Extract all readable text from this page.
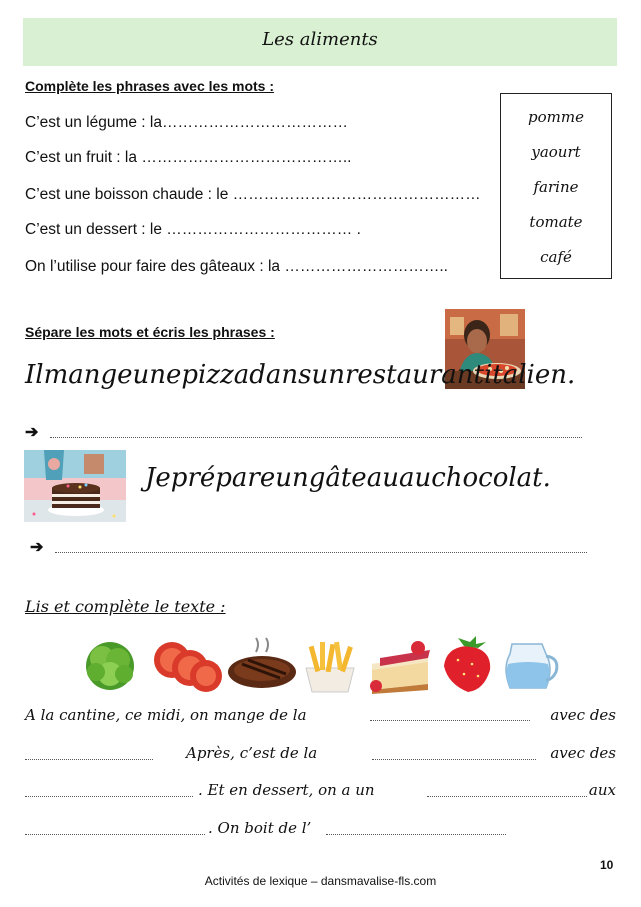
Les aliments
Complète les phrases avec les mots :
C’est un légume : la………………………………
C’est un fruit : la …………………………………..
C’est une boisson chaude : le …………………………………………
C’est un dessert : le ……………………………… .
On l’utilise pour faire des gâteaux : la …………………………..
pomme
yaourt
farine
tomate
café
Sépare les mots et écris les phrases :
Ilmangeunepizzadansunrestaurantitalien.
➔
Jeprépareungâteauauchocolat.
➔
Lis et complète le texte :
A la cantine, ce midi, on mange de la	avec des
Après, c’est de la	avec des
. Et en dessert, on a un	aux
. On boit de l’
10
Activités de lexique – dansmavalise-fls.com
